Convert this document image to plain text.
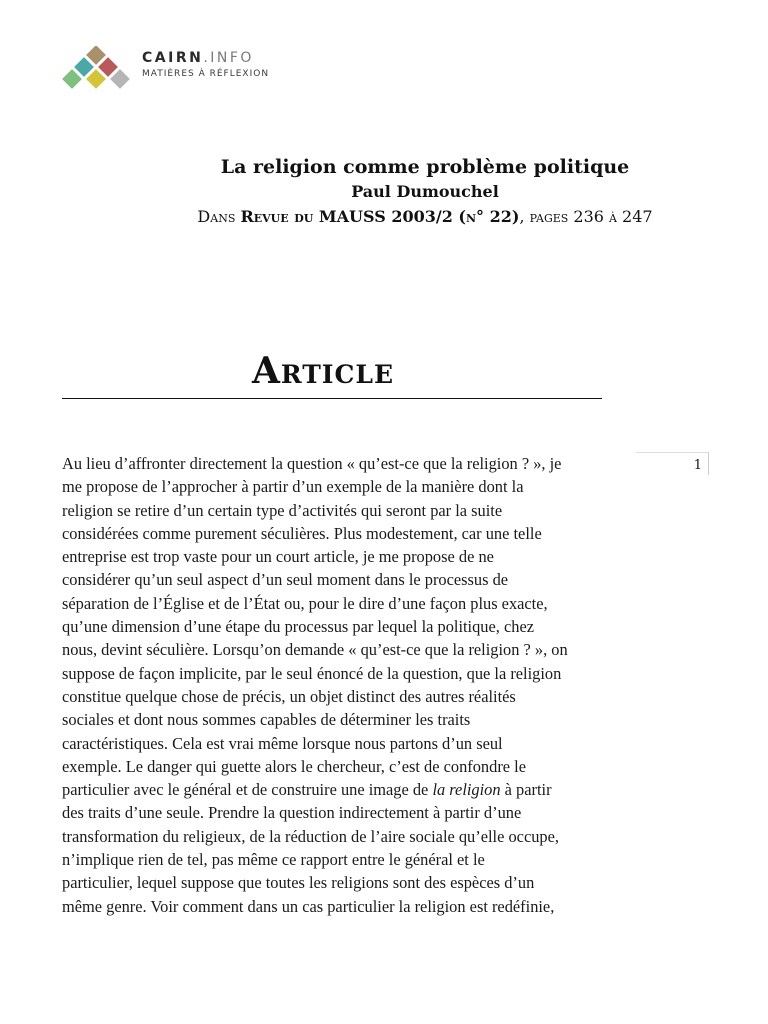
CAIRN.INFO
MATIÈRES À RÉFLEXION
La religion comme problème politique
Paul Dumouchel
Dans Revue du MAUSS 2003/2 (n° 22), pages 236 à 247
Article
1
Au lieu d’affronter directement la question « qu’est-ce que la religion ? », je
me propose de l’approcher à partir d’un exemple de la manière dont la
religion se retire d’un certain type d’activités qui seront par la suite
considérées comme purement séculières. Plus modestement, car une telle
entreprise est trop vaste pour un court article, je me propose de ne
considérer qu’un seul aspect d’un seul moment dans le processus de
séparation de l’Église et de l’État ou, pour le dire d’une façon plus exacte,
qu’une dimension d’une étape du processus par lequel la politique, chez
nous, devint séculière. Lorsqu’on demande « qu’est-ce que la religion ? », on
suppose de façon implicite, par le seul énoncé de la question, que la religion
constitue quelque chose de précis, un objet distinct des autres réalités
sociales et dont nous sommes capables de déterminer les traits
caractéristiques. Cela est vrai même lorsque nous partons d’un seul
exemple. Le danger qui guette alors le chercheur, c’est de confondre le
particulier avec le général et de construire une image de la religion à partir
des traits d’une seule. Prendre la question indirectement à partir d’une
transformation du religieux, de la réduction de l’aire sociale qu’elle occupe,
n’implique rien de tel, pas même ce rapport entre le général et le
particulier, lequel suppose que toutes les religions sont des espèces d’un
même genre. Voir comment dans un cas particulier la religion est redéfinie,
